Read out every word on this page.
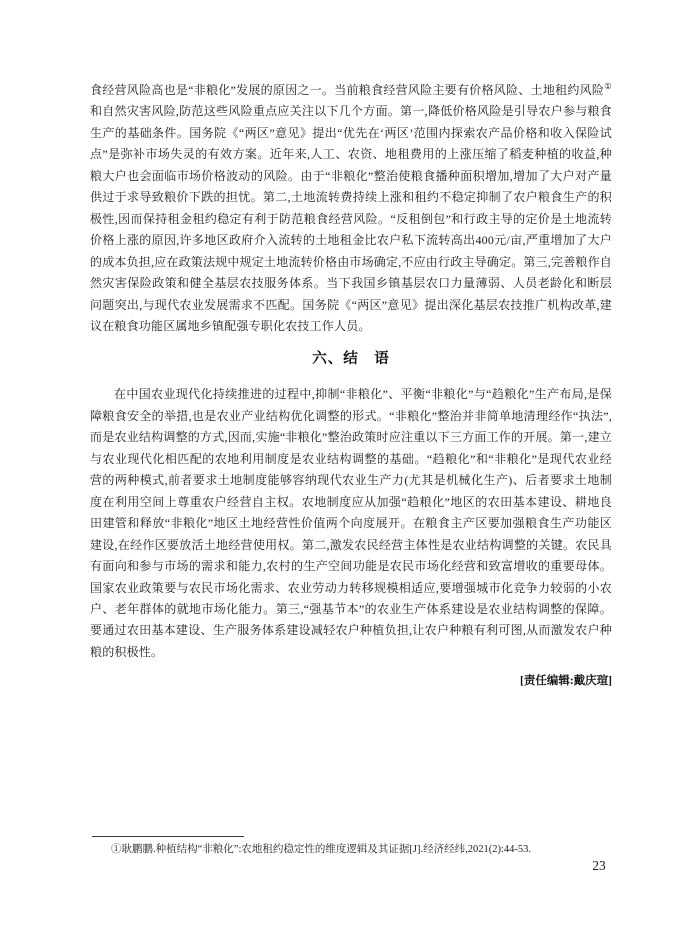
食经营风险高也是“非粮化”发展的原因之一。当前粮食经营风险主要有价格风险、土地租约风险①和自然灾害风险,防范这些风险重点应关注以下几个方面。第一,降低价格风险是引导农户参与粮食生产的基础条件。国务院《“两区”意见》提出“优先在‘两区’范围内探索农产品价格和收入保险试点”是弥补市场失灵的有效方案。近年来,人工、农资、地租费用的上涨压缩了稻麦种植的收益,种粮大户也会面临市场价格波动的风险。由于“非粮化”整治使粮食播种面积增加,增加了大户对产量供过于求导致粮价下跌的担忧。第二,土地流转费持续上涨和租约不稳定抑制了农户粮食生产的积极性,因而保持租金租约稳定有利于防范粮食经营风险。“反租倒包”和行政主导的定价是土地流转价格上涨的原因,许多地区政府介入流转的土地租金比农户私下流转高出400元/亩,严重增加了大户的成本负担,应在政策法规中规定土地流转价格由市场确定,不应由行政主导确定。第三,完善粮作自然灾害保险政策和健全基层农技服务体系。当下我国乡镇基层农口力量薄弱、人员老龄化和断层问题突出,与现代农业发展需求不匹配。国务院《“两区”意见》提出深化基层农技推广机构改革,建议在粮食功能区属地乡镇配强专职化农技工作人员。

六、结　语

在中国农业现代化持续推进的过程中,抑制“非粮化”、平衡“非粮化”与“趋粮化”生产布局,是保障粮食安全的举措,也是农业产业结构优化调整的形式。“非粮化”整治并非简单地清理经作“执法”,而是农业结构调整的方式,因而,实施“非粮化”整治政策时应注重以下三方面工作的开展。第一,建立与农业现代化相匹配的农地利用制度是农业结构调整的基础。“趋粮化”和“非粮化”是现代农业经营的两种模式,前者要求土地制度能够容纳现代农业生产力(尤其是机械化生产)、后者要求土地制度在利用空间上尊重农户经营自主权。农地制度应从加强“趋粮化”地区的农田基本建设、耕地良田建管和释放“非粮化”地区土地经营性价值两个向度展开。在粮食主产区要加强粮食生产功能区建设,在经作区要放活土地经营使用权。第二,激发农民经营主体性是农业结构调整的关键。农民具有面向和参与市场的需求和能力,农村的生产空间功能是农民市场化经营和致富增收的重要母体。国家农业政策要与农民市场化需求、农业劳动力转移规模相适应,要增强城市化竞争力较弱的小农户、老年群体的就地市场化能力。第三,“强基节本”的农业生产体系建设是农业结构调整的保障。要通过农田基本建设、生产服务体系建设减轻农户种植负担,让农户种粮有利可图,从而激发农户种粮的积极性。

[责任编辑:戴庆瑄]

①耿鹏鹏.种植结构“非粮化”:农地租约稳定性的维度逻辑及其证据[J].经济经纬,2021(2):44-53.

23
